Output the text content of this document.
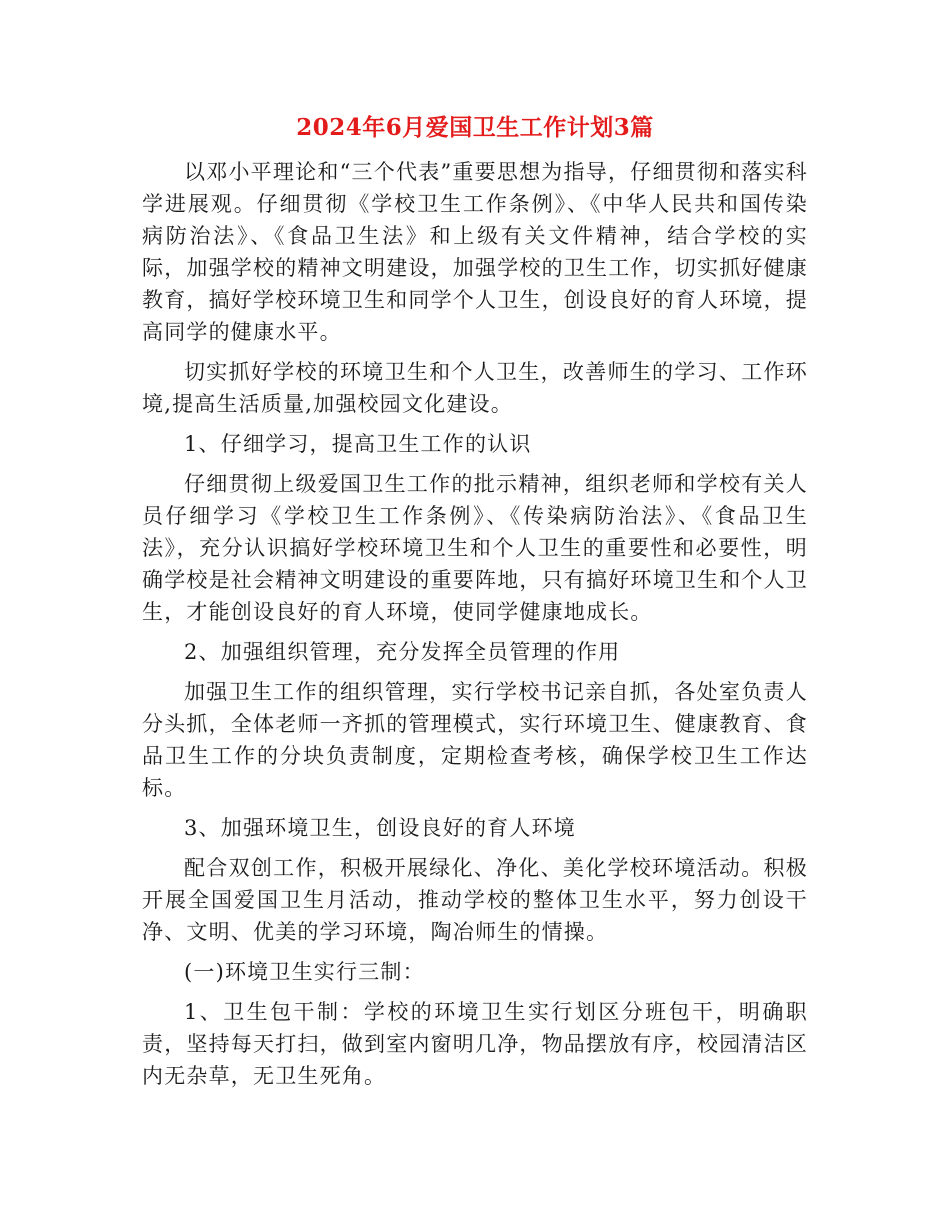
2024年6月爱国卫生工作计划3篇

以邓小平理论和“三个代表”重要思想为指导，仔细贯彻和落实科学进展观。仔细贯彻《学校卫生工作条例》、《中华人民共和国传染病防治法》、《食品卫生法》和上级有关文件精神，结合学校的实际，加强学校的精神文明建设，加强学校的卫生工作，切实抓好健康教育，搞好学校环境卫生和同学个人卫生，创设良好的育人环境，提高同学的健康水平。

切实抓好学校的环境卫生和个人卫生，改善师生的学习、工作环境,提高生活质量,加强校园文化建设。

1、仔细学习，提高卫生工作的认识

仔细贯彻上级爱国卫生工作的批示精神，组织老师和学校有关人员仔细学习《学校卫生工作条例》、《传染病防治法》、《食品卫生法》，充分认识搞好学校环境卫生和个人卫生的重要性和必要性，明确学校是社会精神文明建设的重要阵地，只有搞好环境卫生和个人卫生，才能创设良好的育人环境，使同学健康地成长。

2、加强组织管理，充分发挥全员管理的作用

加强卫生工作的组织管理，实行学校书记亲自抓，各处室负责人分头抓，全体老师一齐抓的管理模式，实行环境卫生、健康教育、食品卫生工作的分块负责制度，定期检查考核，确保学校卫生工作达标。

3、加强环境卫生，创设良好的育人环境

配合双创工作，积极开展绿化、净化、美化学校环境活动。积极开展全国爱国卫生月活动，推动学校的整体卫生水平，努力创设干净、文明、优美的学习环境，陶冶师生的情操。

(一)环境卫生实行三制：

1、卫生包干制：学校的环境卫生实行划区分班包干，明确职责，坚持每天打扫，做到室内窗明几净，物品摆放有序，校园清洁区内无杂草，无卫生死角。
